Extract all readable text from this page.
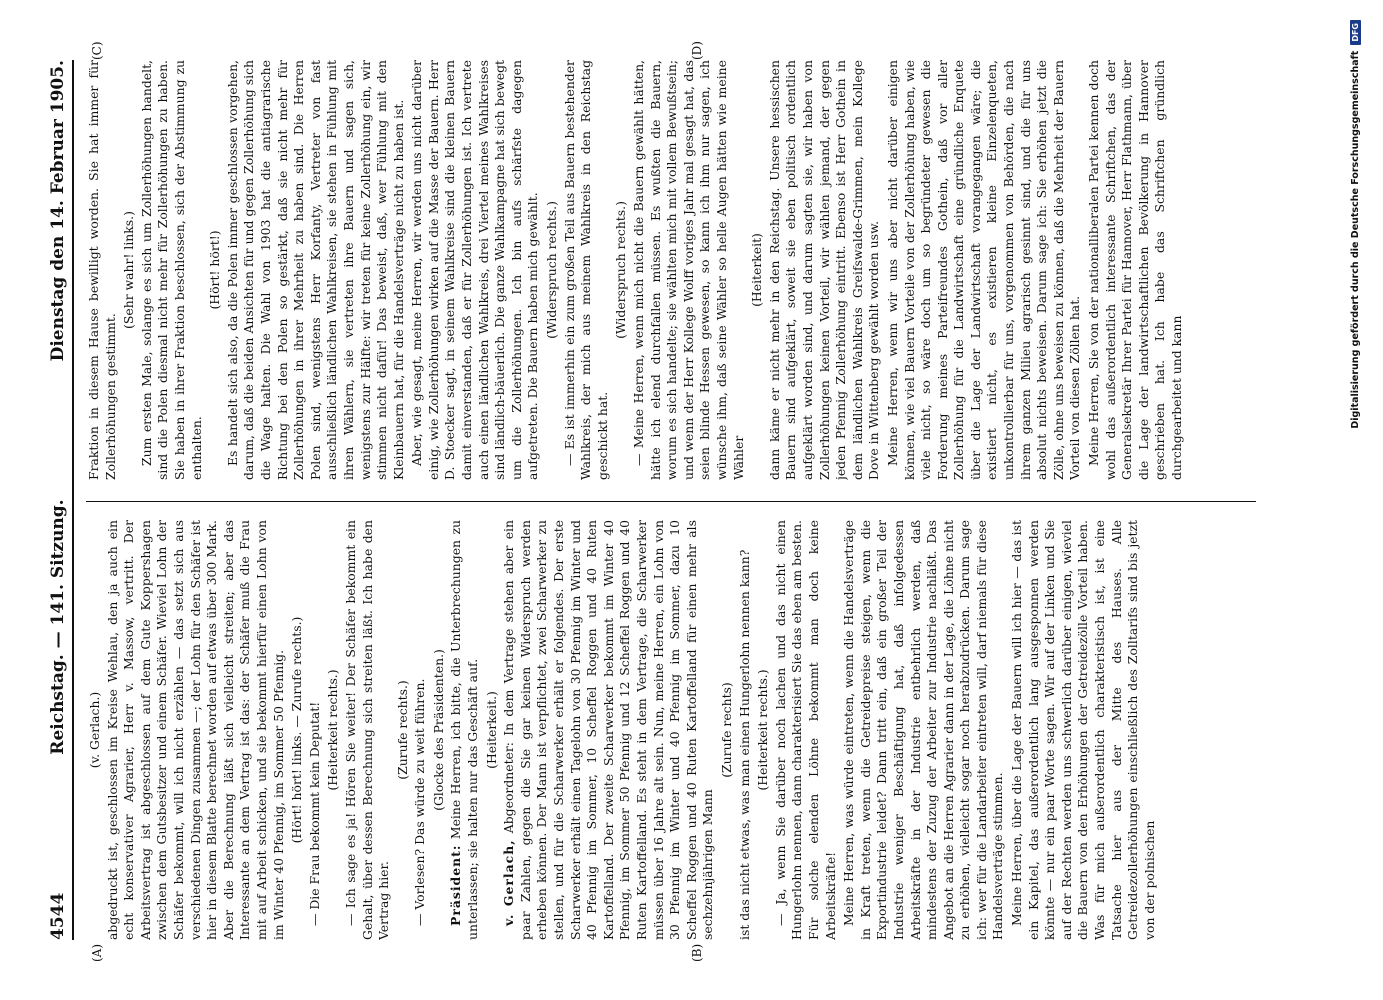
4544
Reichstag. — 141. Sitzung.
Dienstag den 14. Februar 1905.
(A)	(B)
(C)	(D)

(v. Gerlach.) abgedruckt ist, geschlossen im Kreise Wehlau, den ja auch ein echt konservativer Agrarier, Herr v. Massow, vertritt. Der Arbeitsvertrag ist abgeschlossen auf dem Gute Koppershagen zwischen dem Gutsbesitzer und einem Schäfer. Wieviel Lohn der Schäfer bekommt, will ich nicht erzählen — das setzt sich aus verschiedenen Dingen zusammen —; der Lohn für den Schäfer ist hier in diesem Blatte berechnet worden auf etwas über 300 Mark. Aber die Berechnung läßt sich vielleicht streiten; aber das Interessante an dem Vertrag ist das: der Schäfer muß die Frau mit auf Arbeit schicken, und sie bekommt hierfür einen Lohn von im Winter 40 Pfennig, im Sommer 50 Pfennig. (Hört! hört! links. — Zurufe rechts.) — Die Frau bekommt kein Deputat! (Heiterkeit rechts.) — Ich sage es ja! Hören Sie weiter! Der Schäfer bekommt ein Gehalt, über dessen Berechnung sich streiten läßt. Ich habe den Vertrag hier.

(Zurufe rechts.) — Vorlesen? Das würde zu weit führen. (Glocke des Präsidenten.)

Präsident: Meine Herren, ich bitte, die Unterbrechungen zu unterlassen; sie halten nur das Geschäft auf. (Heiterkeit.)

v. Gerlach, Abgeordneter: In dem Vertrage stehen aber ein paar Zahlen, gegen die Sie gar keinen Widerspruch werden erheben können. Der Mann ist verpflichtet, zwei Scharwerker zu stellen, und für die Scharwerker erhält er folgendes. Der erste Scharwerker erhält einen Tagelohn von 30 Pfennig im Winter und 40 Pfennig im Sommer, 10 Scheffel Roggen und 40 Ruten Kartoffelland. Der zweite Scharwerker bekommt im Winter 40 Pfennig, im Sommer 50 Pfennig und 12 Scheffel Roggen und 40 Ruten Kartoffelland. Es steht in dem Vertrage, die Scharwerker müssen über 16 Jahre alt sein. Nun, meine Herren, ein Lohn von 30 Pfennig im Winter und 40 Pfennig im Sommer, dazu 10 Scheffel Roggen und 40 Ruten Kartoffelland für einen mehr als sechzehnjährigen Mann

(Zurufe rechts) ist das nicht etwas, was man einen Hungerlohn nennen kann? (Heiterkeit rechts.) — Ja, wenn Sie darüber noch lachen und das nicht einen Hungerlohn nennen, dann charakterisiert Sie das eben am besten. Für solche elenden Löhne bekommt man doch keine Arbeitskräfte! Meine Herren, was würde eintreten, wenn die Handelsverträge in Kraft treten, wenn die Getreidepreise steigen, wenn die Exportindustrie leidet? Dann tritt ein, daß ein großer Teil der Industrie weniger Beschäftigung hat, daß infolgedessen Arbeitskräfte in der Industrie entbehrlich werden, daß mindestens der Zuzug der Arbeiter zur Industrie nachläßt. Das Angebot an die Herren Agrarier dann in der Lage, die Löhne nicht zu erhöhen, vielleicht sogar noch herabzudrücken. Darum sage ich: wer für die Landarbeiter eintreten will, darf niemals für diese Handelsverträge stimmen. Meine Herren, über die Lage der Bauern will ich hier — das ist ein Kapitel, das außerordentlich lang ausgesponnen werden könnte — nur ein paar Worte sagen. Wir auf der Linken und Sie auf der Rechten werden uns schwerlich darüber einigen, wieviel die Bauern von den Erhöhungen der Getreidezölle Vorteil haben. Was für mich außerordentlich charakteristisch ist, ist eine Tatsache hier aus der Mitte des Hauses. Alle Getreidezollerhöhungen einschließlich des Zolltarifs sind bis jetzt von der polnischen

Fraktion in diesem Hause bewilligt worden. Sie hat immer für Zollerhöhungen gestimmt.

(Sehr wahr! links.) Zum ersten Male, solange es sich um Zollerhöhungen handelt, sind die Polen diesmal nicht mehr für Zollerhöhungen zu haben. Sie haben in ihrer Fraktion beschlossen, sich der Abstimmung zu enthalten.

(Hört! hört!) Es handelt sich also, da die Polen immer geschlossen vorgehen, darum, daß die beiden Ansichten für und gegen Zollerhöhung sich die Wage halten. Die Wahl von 1903 hat die antiagrarische Richtung bei den Polen so gestärkt, daß sie nicht mehr für Zollerhöhungen in ihrer Mehrheit zu haben sind. Die Herren Polen sind, wenigstens Herr Korfanty, Vertreter von fast ausschließlich ländlichen Wahlkreisen, sie stehen in Fühlung mit ihren Wählern, sie vertreten ihre Bauern und sagen sich, wenigstens zur Hälfte: wir treten für keine Zollerhöhung ein, wir stimmen nicht dafür! Das beweist, daß, wer Fühlung mit den Kleinbauern hat, für die Handelsverträge nicht zu haben ist. Aber, wie gesagt, meine Herren, wir werden uns nicht darüber einig, wie Zollerhöhungen wirken auf die Masse der Bauern. Herr D. Stoecker sagt, in seinem Wahlkreise sind die kleinen Bauern damit einverstanden, daß er für Zollerhöhungen ist. Ich vertrete auch einen ländlichen Wahlkreis, drei Viertel meines Wahlkreises sind ländlich-bäuerlich. Die ganze Wahlkampagne hat sich bewegt um die Zollerhöhungen. Ich bin aufs schärfste dagegen aufgetreten. Die Bauern haben mich gewählt. (Widerspruch rechts.) — Es ist immerhin ein zum großen Teil aus Bauern bestehender Wahlkreis, der mich aus meinem Wahlkreis in den Reichstag geschickt hat.

(Widerspruch rechts.) — Meine Herren, wenn mich nicht die Bauern gewählt hätten, hätte ich elend durchfallen müssen. Es wußten die Bauern, worum es sich handelte; sie wählten mich mit vollem Bewußtsein; und wenn der Herr Kollege Wolff voriges Jahr mal gesagt hat, das seien blinde Hessen gewesen, so kann ich ihm nur sagen, ich wünsche ihm, daß seine Wähler so helle Augen hätten wie meine Wähler

(Heiterkeit) dann käme er nicht mehr in den Reichstag. Unsere hessischen Bauern sind aufgeklärt, soweit sie eben politisch ordentlich aufgeklärt worden sind, und darum sagten sie, wir haben von Zollerhöhungen keinen Vorteil, wir wählen jemand, der gegen jeden Pfennig Zollerhöhung eintritt. Ebenso ist Herr Gothein in dem ländlichen Wahlkreis Greifswalde-Grimmen, mein Kollege Dove in Wittenberg gewählt worden usw. Meine Herren, wenn wir uns aber nicht darüber einigen können, wie viel Bauern Vorteile von der Zollerhöhung haben, wie viele nicht, so wäre doch um so begründeter gewesen die Forderung meines Parteifreundes Gothein, daß vor aller Zollerhöhung für die Landwirtschaft eine gründliche Enquete über die Lage der Landwirtschaft vorangegangen wäre; die existiert nicht, es existieren kleine Einzelenqueten, unkontrollierbar für uns, vorgenommen von Behörden, die nach ihrem ganzen Milieu agrarisch gesinnt sind, und die für uns absolut nichts beweisen. Darum sage ich: Sie erhöhen jetzt die Zölle, ohne uns beweisen zu können, daß die Mehrheit der Bauern Vorteil von diesen Zöllen hat. Meine Herren, Sie von der nationalliberalen Partei kennen doch wohl das außerordentlich interessante Schriftchen, das der Generalsekretär Ihrer Partei für Hannover, Herr Flathmann, über die Lage der landwirtschaftlichen Bevölkerung in Hannover geschrieben hat. Ich habe das Schriftchen gründlich durchgearbeitet und kann	Digitalisierung gefördert durch die Deutsche Forschungsgemeinschaft
DFG
